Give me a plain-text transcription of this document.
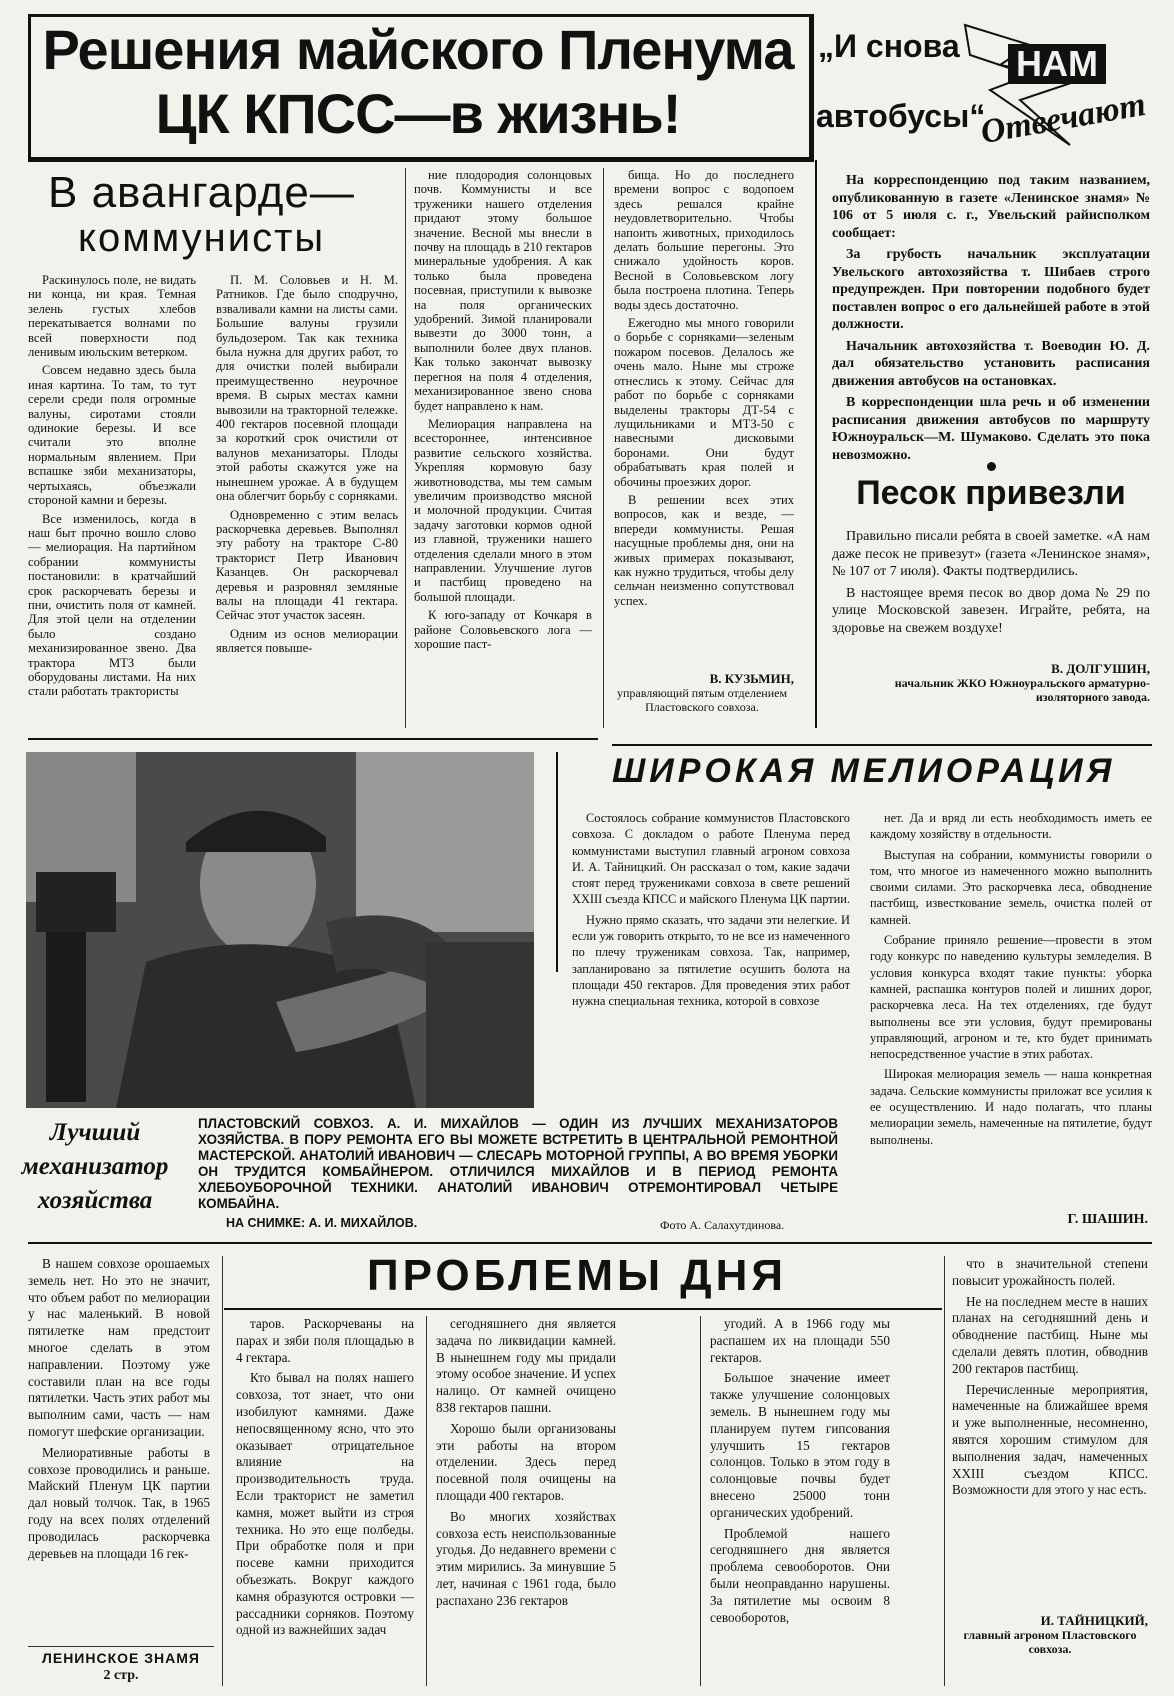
Решения майского Пленума
ЦК КПСС—в жизнь!
„И снова
автобусы“
НАМ
Отвечают
В авангарде—
коммунисты

Раскинулось поле, не видать ни конца, ни края. Темная зелень густых хлебов перекатывается волнами по всей поверхности под ленивым июльским ветерком.

Совсем недавно здесь была иная картина. То там, то тут серели среди поля огромные валуны, сиротами стояли одинокие березы. И все считали это вполне нормальным явлением. При вспашке зяби механизаторы, чертыхаясь, объезжали стороной камни и березы.

Все изменилось, когда в наш быт прочно вошло слово — мелиорация. На партийном собрании коммунисты постановили: в кратчайший срок раскорчевать березы и пни, очистить поля от камней. Для этой цели на отделении было создано механизированное звено. Два трактора МТЗ были оборудованы листами. На них стали работать трактористы

П. М. Соловьев и Н. М. Ратников. Где было сподручно, взваливали камни на листы сами. Большие валуны грузили бульдозером. Так как техника была нужна для других работ, то для очистки полей выбирали преимущественно неурочное время. В сырых местах камни вывозили на тракторной тележке. 400 гектаров посевной площади за короткий срок очистили от валунов механизаторы. Плоды этой работы скажутся уже на нынешнем урожае. А в будущем она облегчит борьбу с сорняками.

Одновременно с этим велась раскорчевка деревьев. Выполнял эту работу на тракторе С-80 тракторист Петр Иванович Казанцев. Он раскорчевал деревья и разровнял земляные валы на площади 41 гектара. Сейчас этот участок засеян.

Одним из основ мелиорации является повыше-

ние плодородия солонцовых почв. Коммунисты и все труженики нашего отделения придают этому большое значение. Весной мы внесли в почву на площадь в 210 гектаров минеральные удобрения. А как только была проведена посевная, приступили к вывозке на поля органических удобрений. Зимой планировали вывезти до 3000 тонн, а выполнили более двух планов. Как только закончат вывозку перегноя на поля 4 отделения, механизированное звено снова будет направлено к нам.

Мелиорация направлена на всестороннее, интенсивное развитие сельского хозяйства. Укрепляя кормовую базу животноводства, мы тем самым увеличим производство мясной и молочной продукции. Считая задачу заготовки кормов одной из главной, труженики нашего отделения сделали много в этом направлении. Улучшение лугов и пастбищ проведено на большой площади.

К юго-западу от Кочкаря в районе Соловьевского лога — хорошие паст-

бища. Но до последнего времени вопрос с водопоем здесь решался крайне неудовлетворительно. Чтобы напоить животных, приходилось делать большие перегоны. Это снижало удойность коров. Весной в Соловьевском логу была построена плотина. Теперь воды здесь достаточно.

Ежегодно мы много говорили о борьбе с сорняками—зеленым пожаром посевов. Делалось же очень мало. Ныне мы строже отнеслись к этому. Сейчас для работ по борьбе с сорняками выделены тракторы ДТ-54 с лущильниками и МТЗ-50 с навесными дисковыми боронами. Они будут обрабатывать края полей и обочины проезжих дорог.

В решении всех этих вопросов, как и везде, — впереди коммунисты. Решая насущные проблемы дня, они на живых примерах показывают, как нужно трудиться, чтобы делу сельчан неизменно сопутствовал успех.

В. КУЗЬМИН,

управляющий пятым отделением Пластовского совхоза.

На корреспонденцию под таким названием, опубликованную в газете «Ленинское знамя» № 106 от 5 июля с. г., Увельский райисполком сообщает:

За грубость начальник эксплуатации Увельского автохозяйства т. Шибаев строго предупрежден. При повторении подобного будет поставлен вопрос о его дальнейшей работе в этой должности.

Начальник автохозяйства т. Воеводин Ю. Д. дал обязательство установить расписания движения автобусов на остановках.

В корреспонденции шла речь и об изменении расписания движения автобусов по маршруту Южноуральск—М. Шумаково. Сделать это пока невозможно.

Песок привезли

Правильно писали ребята в своей заметке. «А нам даже песок не привезут» (газета «Ленинское знамя», № 107 от 7 июля). Факты подтвердились.

В настоящее время песок во двор дома № 29 по улице Московской завезен. Играйте, ребята, на здоровье на свежем воздухе!

В. ДОЛГУШИН,
начальник ЖКО Южноуральского арматурно-изоляторного завода.
Лучший
механизатор
хозяйства
ПЛАСТОВСКИЙ СОВХОЗ. А. И. МИХАЙЛОВ — ОДИН ИЗ ЛУЧШИХ МЕХАНИЗАТОРОВ ХОЗЯЙСТВА. В ПОРУ РЕМОНТА ЕГО ВЫ МОЖЕТЕ ВСТРЕТИТЬ В ЦЕНТРАЛЬНОЙ РЕМОНТНОЙ МАСТЕРСКОЙ. АНАТОЛИЙ ИВАНОВИЧ — СЛЕСАРЬ МОТОРНОЙ ГРУППЫ, А ВО ВРЕМЯ УБОРКИ ОН ТРУДИТСЯ КОМБАЙНЕРОМ. ОТЛИЧИЛСЯ МИХАЙЛОВ И В ПЕРИОД РЕМОНТА ХЛЕБОУБОРОЧНОЙ ТЕХНИКИ. АНАТОЛИЙ ИВАНОВИЧ ОТРЕМОНТИРОВАЛ ЧЕТЫРЕ КОМБАЙНА.
НА СНИМКЕ: А. И. МИХАЙЛОВ.	Фото А. Салахутдинова.
ШИРОКАЯ МЕЛИОРАЦИЯ

Состоялось собрание коммунистов Пластовского совхоза. С докладом о работе Пленума перед коммунистами выступил главный агроном совхоза И. А. Тайницкий. Он рассказал о том, какие задачи стоят перед тружениками совхоза в свете решений XXIII съезда КПСС и майского Пленума ЦК партии.

Нужно прямо сказать, что задачи эти нелегкие. И если уж говорить открыто, то не все из намеченного по плечу труженикам совхоза. Так, например, запланировано за пятилетие осушить болота на площади 450 гектаров. Для проведения этих работ нужна специальная техника, которой в совхозе

нет. Да и вряд ли есть необходимость иметь ее каждому хозяйству в отдельности.

Выступая на собрании, коммунисты говорили о том, что многое из намеченного можно выполнить своими силами. Это раскорчевка леса, обводнение пастбищ, известкование земель, очистка полей от камней.

Собрание приняло решение—провести в этом году конкурс по наведению культуры земледелия. В условия конкурса входят такие пункты: уборка камней, распашка контуров полей и лишних дорог, раскорчевка леса. На тех отделениях, где будут выполнены все эти условия, будут премированы управляющий, агроном и те, кто будет принимать непосредственное участие в этих работах.

Широкая мелиорация земель — наша конкретная задача. Сельские коммунисты приложат все усилия к ее осуществлению. И надо полагать, что планы мелиорации земель, намеченные на пятилетие, будут выполнены.

Г. ШАШИН.
ПРОБЛЕМЫ ДНЯ

В нашем совхозе орошаемых земель нет. Но это не значит, что объем работ по мелиорации у нас маленький. В новой пятилетке нам предстоит многое сделать в этом направлении. Поэтому уже составили план на все годы пятилетки. Часть этих работ мы выполним сами, часть — нам помогут шефские организации.

Мелиоративные работы в совхозе проводились и раньше. Майский Пленум ЦК партии дал новый толчок. Так, в 1965 году на всех полях отделений проводилась раскорчевка деревьев на площади 16 гек-

таров. Раскорчеваны на парах и зяби поля площадью в 4 гектара.

Кто бывал на полях нашего совхоза, тот знает, что они изобилуют камнями. Даже непосвященному ясно, что это оказывает отрицательное влияние на производительность труда. Если тракторист не заметил камня, может выйти из строя техника. Но это еще полбеды. При обработке поля и при посеве камни приходится объезжать. Вокруг каждого камня образуются островки — рассадники сорняков. Поэтому одной из важнейших задач

сегодняшнего дня является задача по ликвидации камней. В нынешнем году мы придали этому особое значение. И успех налицо. От камней очищено 838 гектаров пашни.

Хорошо были организованы эти работы на втором отделении. Здесь перед посевной поля очищены на площади 400 гектаров.

Во многих хозяйствах совхоза есть неиспользованные угодья. До недавнего времени с этим мирились. За минувшие 5 лет, начиная с 1961 года, было распахано 236 гектаров

угодий. А в 1966 году мы распашем их на площади 550 гектаров.

Большое значение имеет также улучшение солонцовых земель. В нынешнем году мы планируем путем гипсования улучшить 15 гектаров солонцов. Только в этом году в солонцовые почвы будет внесено 25000 тонн органических удобрений.

Проблемой нашего сегодняшнего дня является проблема севооборотов. Они были неоправданно нарушены. За пятилетие мы освоим 8 севооборотов,

что в значительной степени повысит урожайность полей.

Не на последнем месте в наших планах на сегодняшний день и обводнение пастбищ. Ныне мы сделали девять плотин, обводнив 200 гектаров пастбищ.

Перечисленные мероприятия, намеченные на ближайшее время и уже выполненные, несомненно, явятся хорошим стимулом для выполнения задач, намеченных XXIII съездом КПСС. Возможности для этого у нас есть.

И. ТАЙНИЦКИЙ,

главный агроном Пластовского совхоза.
ЛЕНИНСКОЕ ЗНАМЯ
2 стр.
